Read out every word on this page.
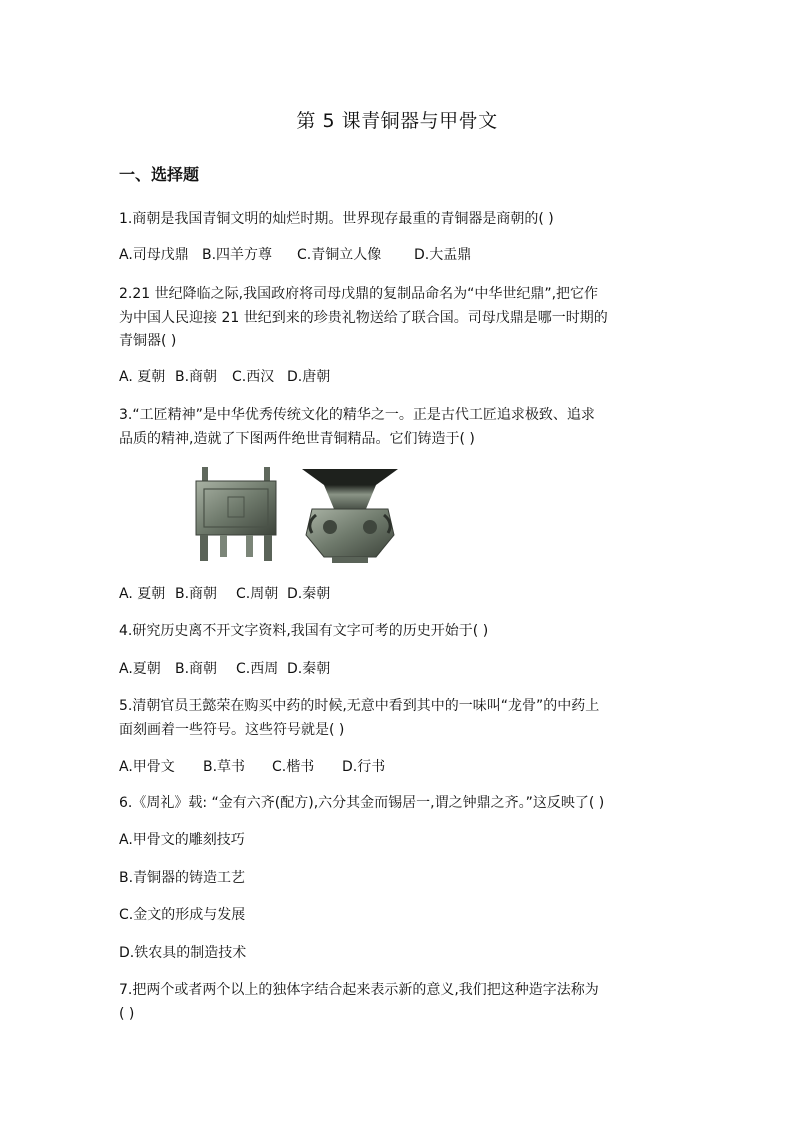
第 5 课青铜器与甲骨文
一、选择题
1.商朝是我国青铜文明的灿烂时期。世界现存最重的青铜器是商朝的( )
A.司母戊鼎 B.四羊方尊 C.青铜立人像 D.大盂鼎
2.21 世纪降临之际,我国政府将司母戊鼎的复制品命名为“中华世纪鼎”,把它作
为中国人民迎接 21 世纪到来的珍贵礼物送给了联合国。司母戊鼎是哪一时期的
青铜器( )
A. 夏朝 B.商朝 C.西汉 D.唐朝
3.“工匠精神”是中华优秀传统文化的精华之一。正是古代工匠追求极致、追求
品质的精神,造就了下图两件绝世青铜精品。它们铸造于( )
A. 夏朝 B.商朝 C.周朝 D.秦朝
4.研究历史离不开文字资料,我国有文字可考的历史开始于( )
A.夏朝 B.商朝 C.西周 D.秦朝
5.清朝官员王懿荣在购买中药的时候,无意中看到其中的一味叫“龙骨”的中药上
面刻画着一些符号。这些符号就是( )
A.甲骨文 B.草书 C.楷书 D.行书
6.《周礼》载: “金有六齐(配方),六分其金而锡居一,谓之钟鼎之齐。”这反映了( )
A.甲骨文的雕刻技巧
B.青铜器的铸造工艺
C.金文的形成与发展
D.铁农具的制造技术
7.把两个或者两个以上的独体字结合起来表示新的意义,我们把这种造字法称为
( )
